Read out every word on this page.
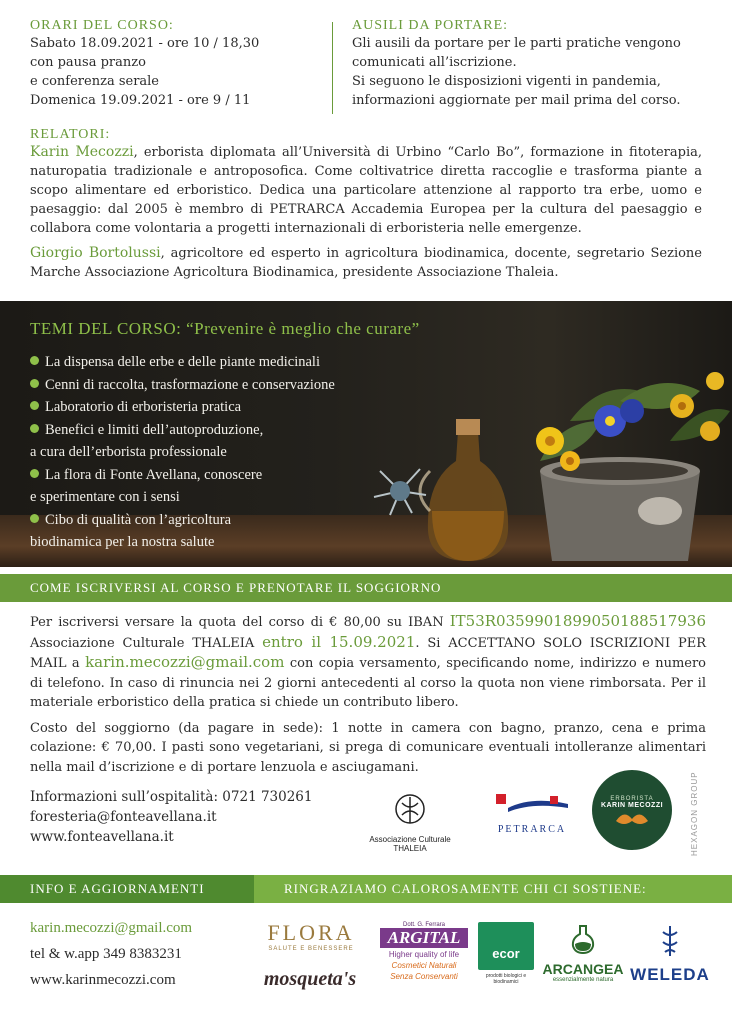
ORARI DEL CORSO:
Sabato 18.09.2021 - ore 10 / 18,30
con pausa pranzo
e conferenza serale
Domenica 19.09.2021 - ore 9 / 11
AUSILI DA PORTARE:
Gli ausili da portare per le parti pratiche vengono comunicati all’iscrizione.
Si seguono le disposizioni vigenti in pandemia, informazioni aggiornate per mail prima del corso.
RELATORI:

Karin Mecozzi, erborista diplomata all’Università di Urbino “Carlo Bo”, formazione in fitoterapia, naturopatia tradizionale e antroposofica. Come coltivatrice diretta raccoglie e trasforma piante a scopo alimentare ed erboristico. Dedica una particolare attenzione al rapporto tra erbe, uomo e paesaggio: dal 2005 è membro di PETRARCA Accademia Europea per la cultura del paesaggio e collabora come volontaria a progetti internazionali di erboristeria nelle emergenze.

Giorgio Bortolussi, agricoltore ed esperto in agricoltura biodinamica, docente, segretario Sezione Marche Associazione Agricoltura Biodinamica, presidente Associazione Thaleia.

TEMI DEL CORSO: “Prevenire è meglio che curare”
La dispensa delle erbe e delle piante medicinali
Cenni di raccolta, trasformazione e conservazione
Laboratorio di erboristeria pratica
Benefici e limiti dell’autoproduzione,
a cura dell’erborista professionale
La flora di Fonte Avellana, conoscere
e sperimentare con i sensi
Cibo di qualità con l’agricoltura
biodinamica per la nostra salute
COME ISCRIVERSI AL CORSO E PRENOTARE IL SOGGIORNO

Per iscriversi versare la quota del corso di € 80,00 su IBAN IT53R0359901899050188517936 Associazione Culturale THALEIA entro il 15.09.2021. Si ACCETTANO SOLO ISCRIZIONI PER MAIL a karin.mecozzi@gmail.com con copia versamento, specificando nome, indirizzo e numero di telefono. In caso di rinuncia nei 2 giorni antecedenti al corso la quota non viene rimborsata. Per il materiale erboristico della pratica si chiede un contributo libero.

Costo del soggiorno (da pagare in sede): 1 notte in camera con bagno, pranzo, cena e prima colazione: € 70,00. I pasti sono vegetariani, si prega di comunicare eventuali intolleranze alimentari nella mail d’iscrizione e di portare lenzuola e asciugamani.

Informazioni sull’ospitalità: 0721 730261
foresteria@fonteavellana.it
www.fonteavellana.it	Associazione Culturale THALEIA
PETRARCA
ERBORISTA
KARIN MECOZZI	HEXAGON GROUP
INFO E AGGIORNAMENTI	RINGRAZIAMO CALOROSAMENTE CHI CI SOSTIENE:
karin.mecozzi@gmail.com
tel & w.app 349 8383231
www.karinmecozzi.com
FLORA
SALUTE E BENESSERE
mosqueta's
Dott. G. Ferrara
ARGITAL
Higher quality of life
Cosmetici Naturali
Senza Conservanti
ecor
prodotti biologici e biodinamici
ARCANGEA
essenzialmente natura WELEDA
